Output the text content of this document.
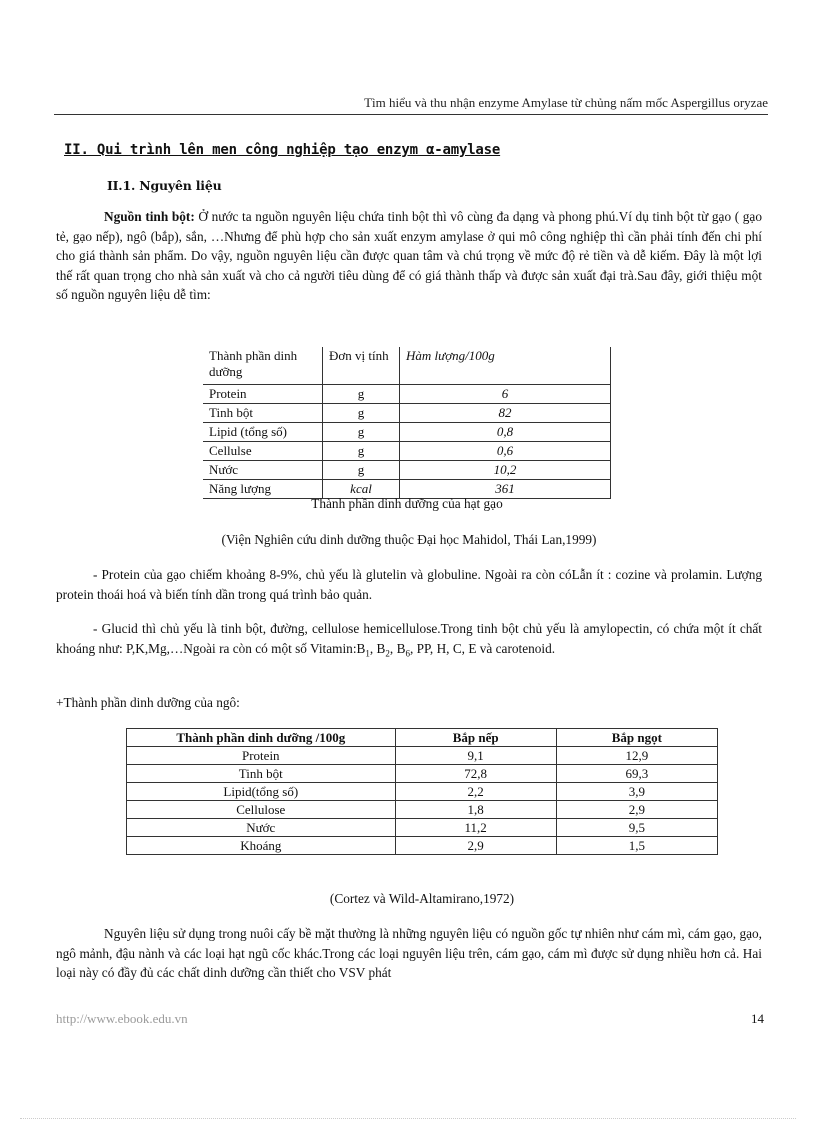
Tìm hiểu và thu nhận enzyme Amylase từ chủng nấm mốc Aspergillus oryzae
II. Qui trình lên men công nghiệp tạo enzym α-amylase
II.1. Nguyên liệu
Nguồn tinh bột: Ở nước ta nguồn nguyên liệu chứa tinh bột thì vô cùng đa dạng và phong phú.Ví dụ tinh bột từ gạo ( gạo tẻ, gạo nếp), ngô (bắp), sắn, …Nhưng để phù hợp cho sản xuất enzym amylase ở qui mô công nghiệp thì cần phải tính đến chi phí cho giá thành sản phẩm. Do vậy, nguồn nguyên liệu cần được quan tâm và chú trọng về mức độ rẻ tiền và dễ kiếm. Đây là một lợi thế rất quan trọng cho nhà sản xuất và cho cả người tiêu dùng để có giá thành thấp và được sản xuất đại trà.Sau đây, giới thiệu một số nguồn nguyên liệu dễ tìm:
Thành phần dinh dưỡng	Đơn vị tính	Hàm lượng/100g
Protein	g	6
Tinh bột	g	82
Lipid (tổng số)	g	0,8
Cellulse	g	0,6
Nước	g	10,2
Năng lượng	kcal	361
Thành phần dinh dưỡng của hạt gạo
(Viện Nghiên cứu dinh dưỡng thuộc Đại học Mahidol, Thái Lan,1999)
- Protein của gạo chiếm khoảng 8-9%, chủ yếu là glutelin và globuline. Ngoài ra còn cóLẫn ít : cozine và prolamin. Lượng protein thoái hoá và biến tính dần trong quá trình bảo quản.
- Glucid thì chủ yếu là tinh bột, đường, cellulose hemicellulose.Trong tinh bột chủ yếu là amylopectin, có chứa một ít chất khoáng như: P,K,Mg,…Ngoài ra còn có một số $Vitamin:B_1$, $B_2$, $B_6$, PP, H, C, E và carotenoid.
+Thành phần dinh dưỡng của ngô:
Thành phần dinh dưỡng /100g	Bắp nếp	Bắp ngọt
Protein	9,1	12,9
Tinh bột	72,8	69,3
Lipid(tổng số)	2,2	3,9
Cellulose	1,8	2,9
Nước	11,2	9,5
Khoáng	2,9	1,5
(Cortez và Wild-Altamirano,1972)
Nguyên liệu sử dụng trong nuôi cấy bề mặt thường là những nguyên liệu có nguồn gốc tự nhiên như cám mì, cám gạo, gạo, ngô mảnh, đậu nành và các loại hạt ngũ cốc khác.Trong các loại nguyên liệu trên, cám gạo, cám mì được sử dụng nhiều hơn cả. Hai loại này có đầy đủ các chất dinh dưỡng cần thiết cho VSV phát
http://www.ebook.edu.vn	14
